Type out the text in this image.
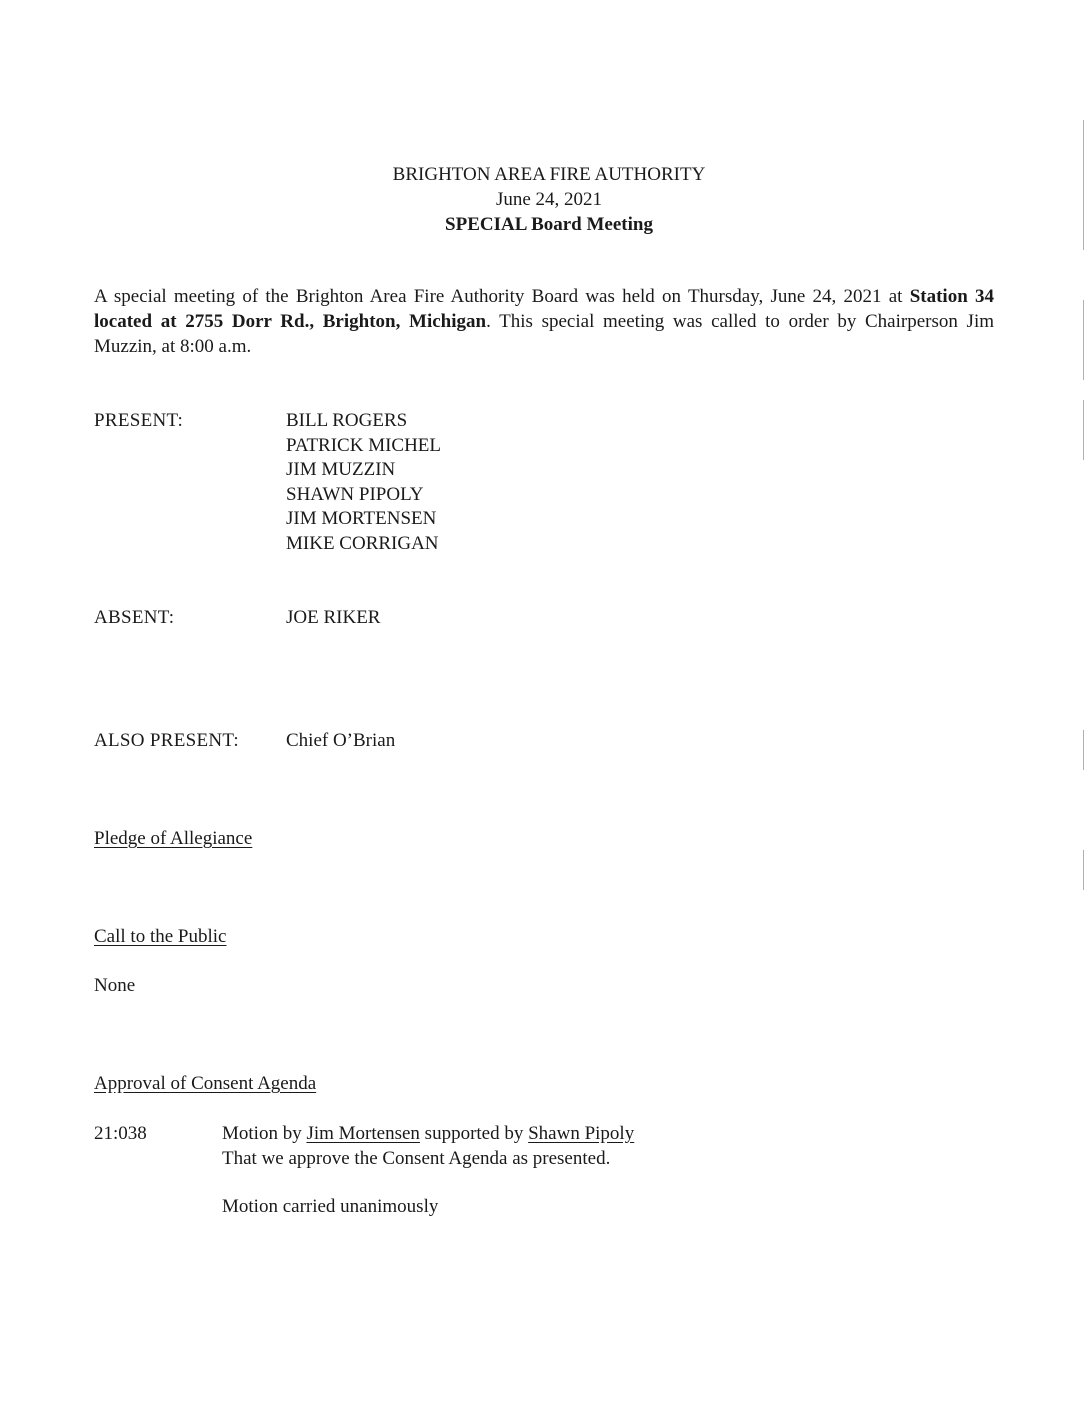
BRIGHTON AREA FIRE AUTHORITY
June 24, 2021
SPECIAL Board Meeting
A special meeting of the Brighton Area Fire Authority Board was held on Thursday, June 24, 2021 at Station 34 located at 2755 Dorr Rd., Brighton, Michigan. This special meeting was called to order by Chairperson Jim Muzzin, at 8:00 a.m.
PRESENT:	BILL ROGERS
PATRICK MICHEL
JIM MUZZIN
SHAWN PIPOLY
JIM MORTENSEN
MIKE CORRIGAN
ABSENT:	JOE RIKER
ALSO PRESENT: Chief O’Brian
Pledge of Allegiance
Call to the Public
None
Approval of Consent Agenda
21:038	Motion by Jim Mortensen supported by Shawn Pipoly
That we approve the Consent Agenda as presented.
Motion carried unanimously
